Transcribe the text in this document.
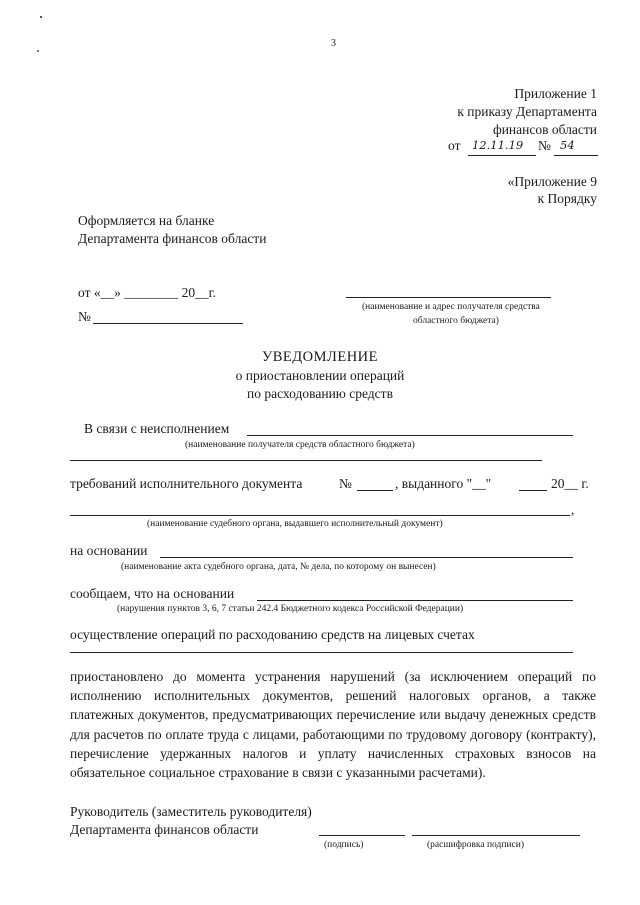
3
Приложение 1
к приказу Департамента
финансов области
от 12.11.19 № 54
«Приложение 9
к Порядку
Оформляется на бланке
Департамента финансов области
от «__» ________ 20__г.
№
(наименование и адрес получателя средства
областного бюджета)
УВЕДОМЛЕНИЕ
о приостановлении операций
по расходованию средств
В связи с неисполнением
(наименование получателя средств областного бюджета)
требований исполнительного документа	№	, выданного "__"	20__ г.
,
(наименование судебного органа, выдавшего исполнительный документ)
на основании
(наименование акта судебного органа, дата, № дела, по которому он вынесен)
сообщаем, что на основании
(нарушения пунктов 3, 6, 7 статьи 242.4 Бюджетного кодекса Российской Федерации)
осуществление операций по расходованию средств на лицевых счетах
приостановлено до момента устранения нарушений (за исключением операций по исполнению исполнительных документов, решений налоговых органов, а также платежных документов, предусматривающих перечисление или выдачу денежных средств для расчетов по оплате труда с лицами, работающими по трудовому договору (контракту), перечисление удержанных налогов и уплату начисленных страховых взносов на обязательное социальное страхование в связи с указанными расчетами).
Руководитель (заместитель руководителя)
Департамента финансов области
(подпись)	(расшифровка подписи)
